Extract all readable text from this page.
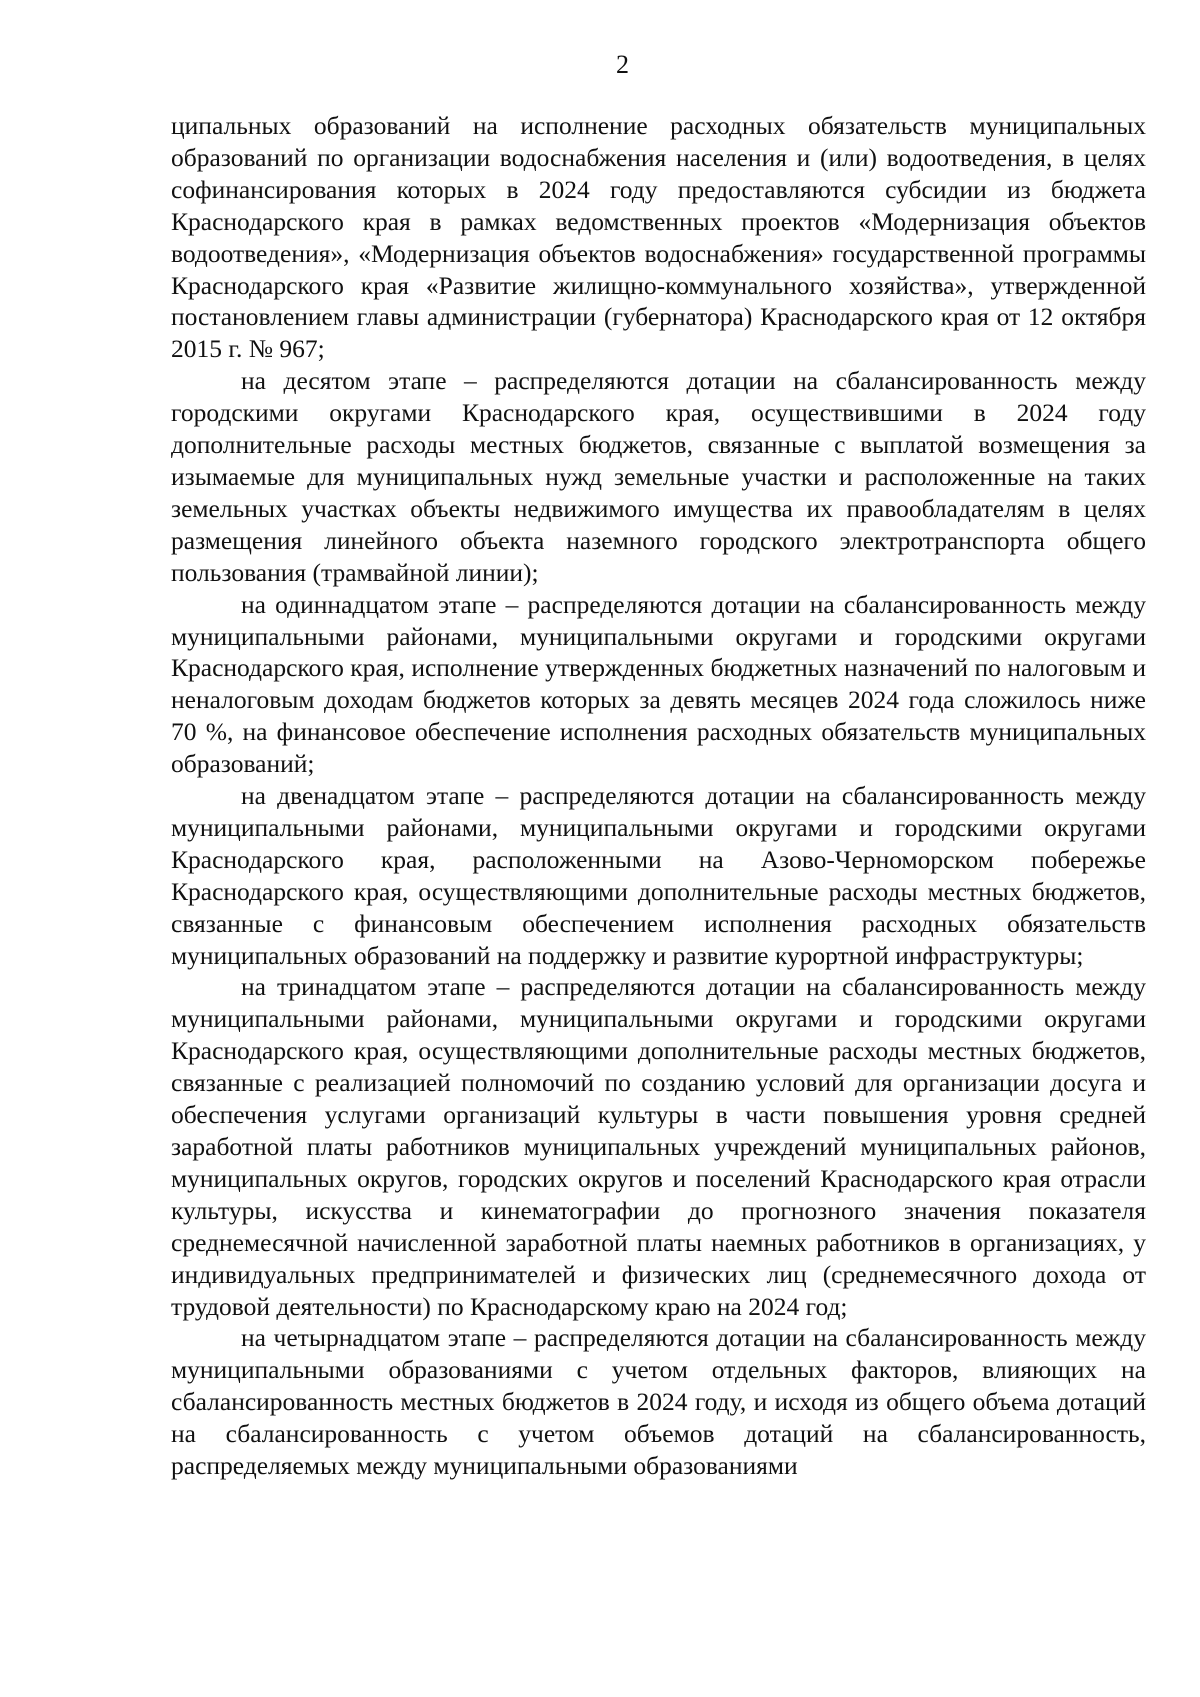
2

ципальных образований на исполнение расходных обязательств муниципальных образований по организации водоснабжения населения и (или) водоотведения, в целях софинансирования которых в 2024 году предоставляются субсидии из бюджета Краснодарского края в рамках ведомственных проектов «Модернизация объектов водоотведения», «Модернизация объектов водоснабжения» государственной программы Краснодарского края «Развитие жилищно-коммунального хозяйства», утвержденной постановлением главы администрации (губернатора) Краснодарского края от 12 октября 2015 г. № 967;

на десятом этапе – распределяются дотации на сбалансированность между городскими округами Краснодарского края, осуществившими в 2024 году дополнительные расходы местных бюджетов, связанные с выплатой возмещения за изымаемые для муниципальных нужд земельные участки и расположенные на таких земельных участках объекты недвижимого имущества их правообладателям в целях размещения линейного объекта наземного городского электротранспорта общего пользования (трамвайной линии);

на одиннадцатом этапе – распределяются дотации на сбалансированность между муниципальными районами, муниципальными округами и городскими округами Краснодарского края, исполнение утвержденных бюджетных назначений по налоговым и неналоговым доходам бюджетов которых за девять месяцев 2024 года сложилось ниже 70 %, на финансовое обеспечение исполнения расходных обязательств муниципальных образований;

на двенадцатом этапе – распределяются дотации на сбалансированность между муниципальными районами, муниципальными округами и городскими округами Краснодарского края, расположенными на Азово-Черноморском побережье Краснодарского края, осуществляющими дополнительные расходы местных бюджетов, связанные с финансовым обеспечением исполнения расходных обязательств муниципальных образований на поддержку и развитие курортной инфраструктуры;

на тринадцатом этапе – распределяются дотации на сбалансированность между муниципальными районами, муниципальными округами и городскими округами Краснодарского края, осуществляющими дополнительные расходы местных бюджетов, связанные с реализацией полномочий по созданию условий для организации досуга и обеспечения услугами организаций культуры в части повышения уровня средней заработной платы работников муниципальных учреждений муниципальных районов, муниципальных округов, городских округов и поселений Краснодарского края отрасли культуры, искусства и кинематографии до прогнозного значения показателя среднемесячной начисленной заработной платы наемных работников в организациях, у индивидуальных предпринимателей и физических лиц (среднемесячного дохода от трудовой деятельности) по Краснодарскому краю на 2024 год;

на четырнадцатом этапе – распределяются дотации на сбалансированность между муниципальными образованиями с учетом отдельных факторов, влияющих на сбалансированность местных бюджетов в 2024 году, и исходя из общего объема дотаций на сбалансированность с учетом объемов дотаций на сбалансированность, распределяемых между муниципальными образованиями
